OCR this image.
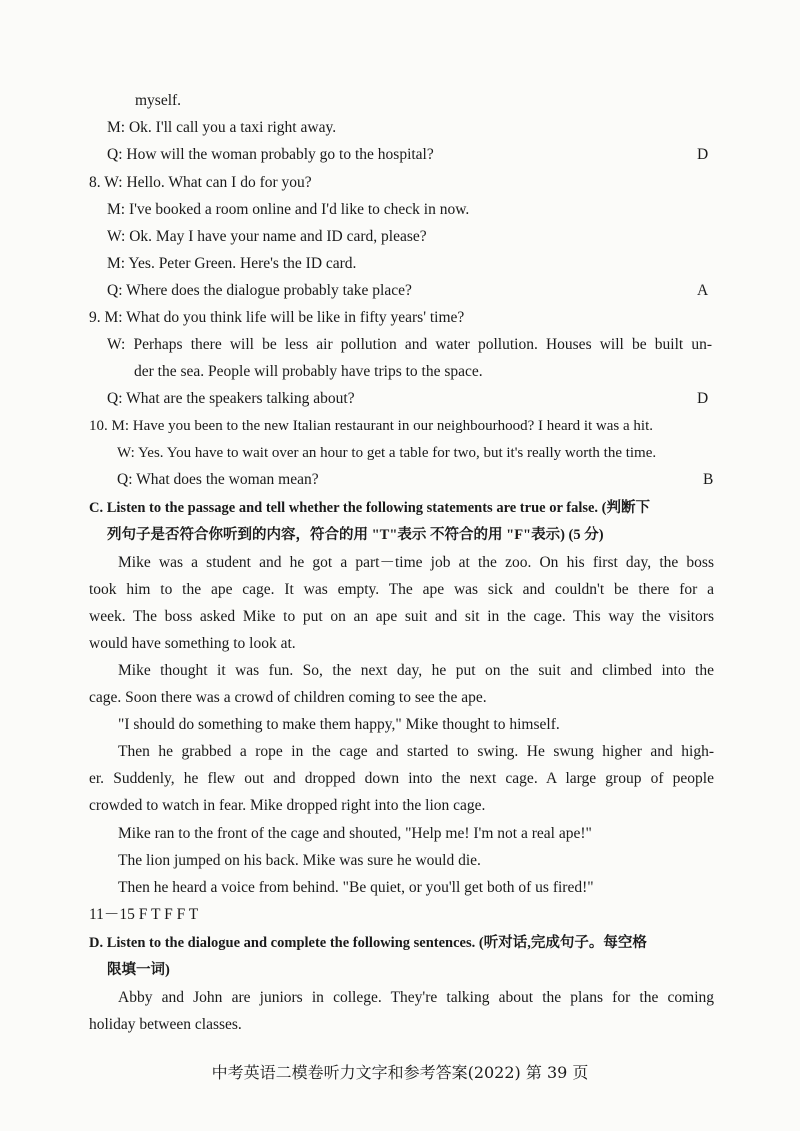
myself.
M: Ok. I'll call you a taxi right away.
Q: How will the woman probably go to the hospital?	D
8. W: Hello. What can I do for you?
M: I've booked a room online and I'd like to check in now.
W: Ok. May I have your name and ID card, please?
M: Yes. Peter Green. Here's the ID card.
Q: Where does the dialogue probably take place?	A
9. M: What do you think life will be like in fifty years' time?
W: Perhaps there will be less air pollution and water pollution. Houses will be built un-
der the sea. People will probably have trips to the space.
Q: What are the speakers talking about?	D
10. M: Have you been to the new Italian restaurant in our neighbourhood? I heard it was a hit.
W: Yes. You have to wait over an hour to get a table for two, but it's really worth the time.
Q: What does the woman mean?	B
C. Listen to the passage and tell whether the following statements are true or false. (判断下
列句子是否符合你听到的内容，符合的用 "T"表示 不符合的用 "F"表示) (5 分)
Mike was a student and he got a part－time job at the zoo. On his first day, the boss
took him to the ape cage. It was empty. The ape was sick and couldn't be there for a
week. The boss asked Mike to put on an ape suit and sit in the cage. This way the visitors
would have something to look at.
Mike thought it was fun. So, the next day, he put on the suit and climbed into the
cage. Soon there was a crowd of children coming to see the ape.
"I should do something to make them happy," Mike thought to himself.
Then he grabbed a rope in the cage and started to swing. He swung higher and high-
er. Suddenly, he flew out and dropped down into the next cage. A large group of people
crowded to watch in fear. Mike dropped right into the lion cage.
Mike ran to the front of the cage and shouted, "Help me! I'm not a real ape!"
The lion jumped on his back. Mike was sure he would die.
Then he heard a voice from behind. "Be quiet, or you'll get both of us fired!"
11－15 F T F F T
D. Listen to the dialogue and complete the following sentences. (听对话,完成句子。每空格
限填一词)
Abby and John are juniors in college. They're talking about the plans for the coming
holiday between classes.
中考英语二模卷听力文字和参考答案(2022) 第 39 页
